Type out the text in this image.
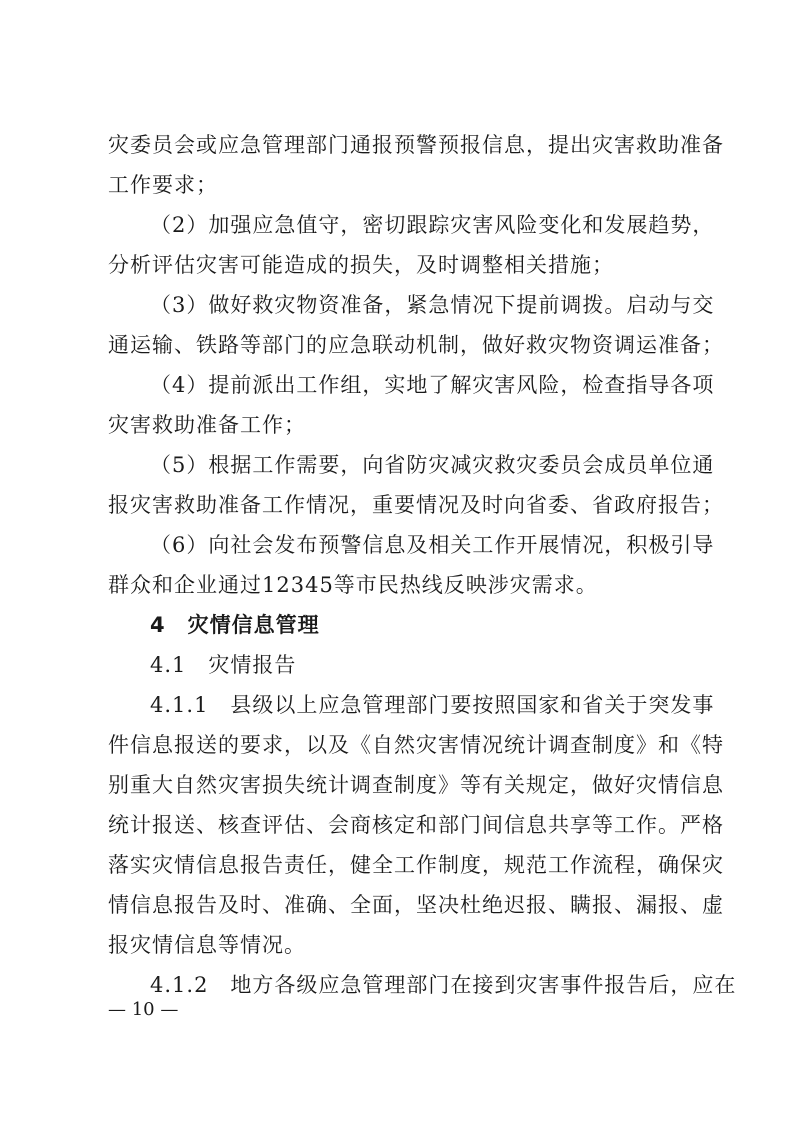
灾委员会或应急管理部门通报预警预报信息，提出灾害救助准备
工作要求；
（2）加强应急值守，密切跟踪灾害风险变化和发展趋势，
分析评估灾害可能造成的损失，及时调整相关措施；
（3）做好救灾物资准备，紧急情况下提前调拨。启动与交
通运输、铁路等部门的应急联动机制，做好救灾物资调运准备；
（4）提前派出工作组，实地了解灾害风险，检查指导各项
灾害救助准备工作；
（5）根据工作需要，向省防灾减灾救灾委员会成员单位通
报灾害救助准备工作情况，重要情况及时向省委、省政府报告；
（6）向社会发布预警信息及相关工作开展情况，积极引导
群众和企业通过12345等市民热线反映涉灾需求。
4　灾情信息管理
4.1　灾情报告
4.1.1　县级以上应急管理部门要按照国家和省关于突发事
件信息报送的要求，以及《自然灾害情况统计调查制度》和《特
别重大自然灾害损失统计调查制度》等有关规定，做好灾情信息
统计报送、核查评估、会商核定和部门间信息共享等工作。严格
落实灾情信息报告责任，健全工作制度，规范工作流程，确保灾
情信息报告及时、准确、全面，坚决杜绝迟报、瞒报、漏报、虚
报灾情信息等情况。
4.1.2　地方各级应急管理部门在接到灾害事件报告后，应在
— 10 —
